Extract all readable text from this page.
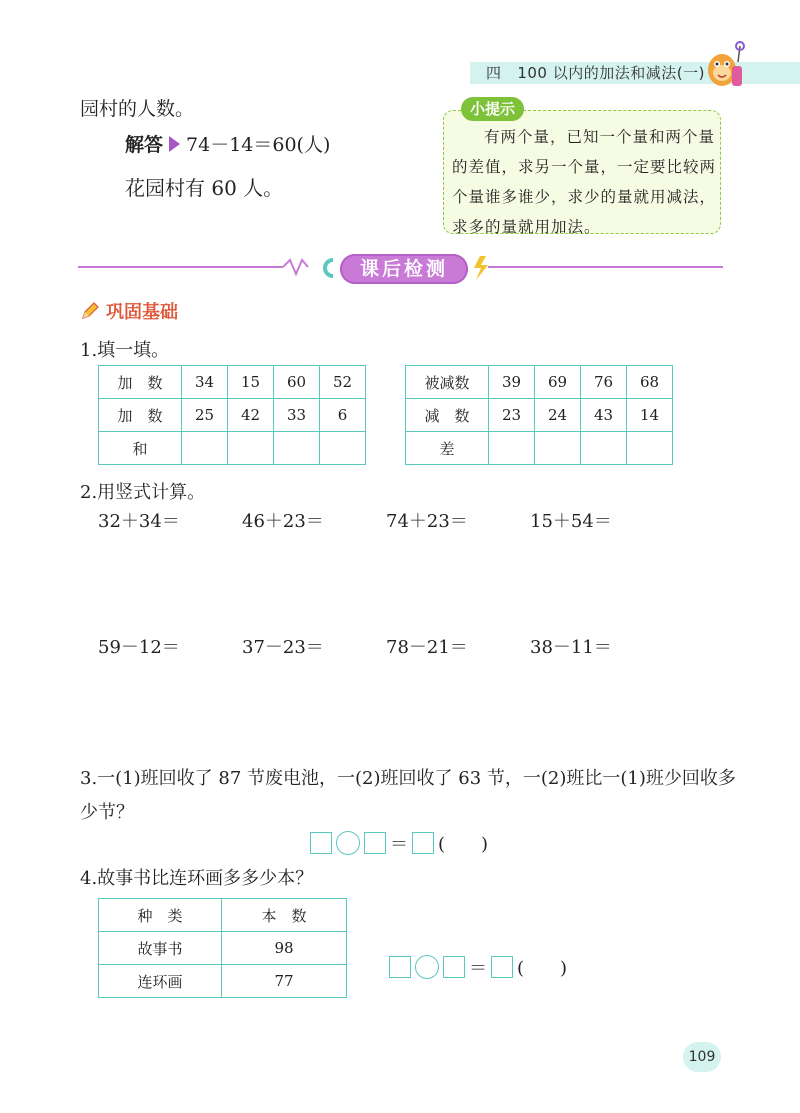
四 100 以内的加法和减法(一)
园村的人数。
解答 74－14＝60(人)
花园村有 60 人。
小提示
有两个量，已知一个量和两个量的差值，求另一个量，一定要比较两个量谁多谁少，求少的量就用减法，求多的量就用加法。
课后检测
巩固基础
1.填一填。
加　数	34	15	60	52
加　数	25	42	33	6
和				
被减数	39	69	76	68
减　数	23	24	43	14
差				
2.用竖式计算。
32＋34＝	46＋23＝	74＋23＝	15＋54＝
59－12＝	37－23＝	78－21＝	38－11＝
3.一(1)班回收了 87 节废电池，一(2)班回收了 63 节，一(2)班比一(1)班少回收多少节？
＝ (　　)
4.故事书比连环画多多少本？
种　类	本　数
故事书	98
连环画	77
＝ (　　)
109
